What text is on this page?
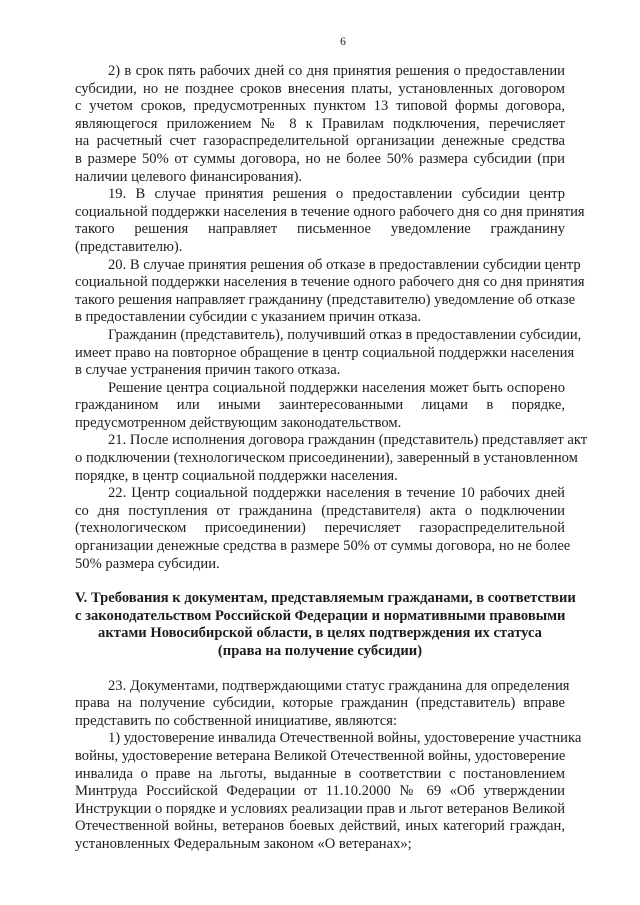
6
2) в срок пять рабочих дней со дня принятия решения о предоставлении
субсидии, но не позднее сроков внесения платы, установленных договором
с учетом сроков, предусмотренных пунктом 13 типовой формы договора,
являющегося приложением № 8 к Правилам подключения, перечисляет
на расчетный счет газораспределительной организации денежные средства
в размере 50% от суммы договора, но не более 50% размера субсидии (при
наличии целевого финансирования).
19. В случае принятия решения о предоставлении субсидии центр
социальной поддержки населения в течение одного рабочего дня со дня принятия
такого решения направляет письменное уведомление гражданину
(представителю).
20. В случае принятия решения об отказе в предоставлении субсидии центр
социальной поддержки населения в течение одного рабочего дня со дня принятия
такого решения направляет гражданину (представителю) уведомление об отказе
в предоставлении субсидии с указанием причин отказа.
Гражданин (представитель), получивший отказ в предоставлении субсидии,
имеет право на повторное обращение в центр социальной поддержки населения
в случае устранения причин такого отказа.
Решение центра социальной поддержки населения может быть оспорено
гражданином или иными заинтересованными лицами в порядке,
предусмотренном действующим законодательством.
21. После исполнения договора гражданин (представитель) представляет акт
о подключении (технологическом присоединении), заверенный в установленном
порядке, в центр социальной поддержки населения.
22. Центр социальной поддержки населения в течение 10 рабочих дней
со дня поступления от гражданина (представителя) акта о подключении
(технологическом присоединении) перечисляет газораспределительной
организации денежные средства в размере 50% от суммы договора, но не более
50% размера субсидии.
V. Требования к документам, представляемым гражданами, в соответствии
с законодательством Российской Федерации и нормативными правовыми
актами Новосибирской области, в целях подтверждения их статуса
(права на получение субсидии)
23. Документами, подтверждающими статус гражданина для определения
права на получение субсидии, которые гражданин (представитель) вправе
представить по собственной инициативе, являются:
1) удостоверение инвалида Отечественной войны, удостоверение участника
войны, удостоверение ветерана Великой Отечественной войны, удостоверение
инвалида о праве на льготы, выданные в соответствии с постановлением
Минтруда Российской Федерации от 11.10.2000 № 69 «Об утверждении
Инструкции о порядке и условиях реализации прав и льгот ветеранов Великой
Отечественной войны, ветеранов боевых действий, иных категорий граждан,
установленных Федеральным законом «О ветеранах»;
